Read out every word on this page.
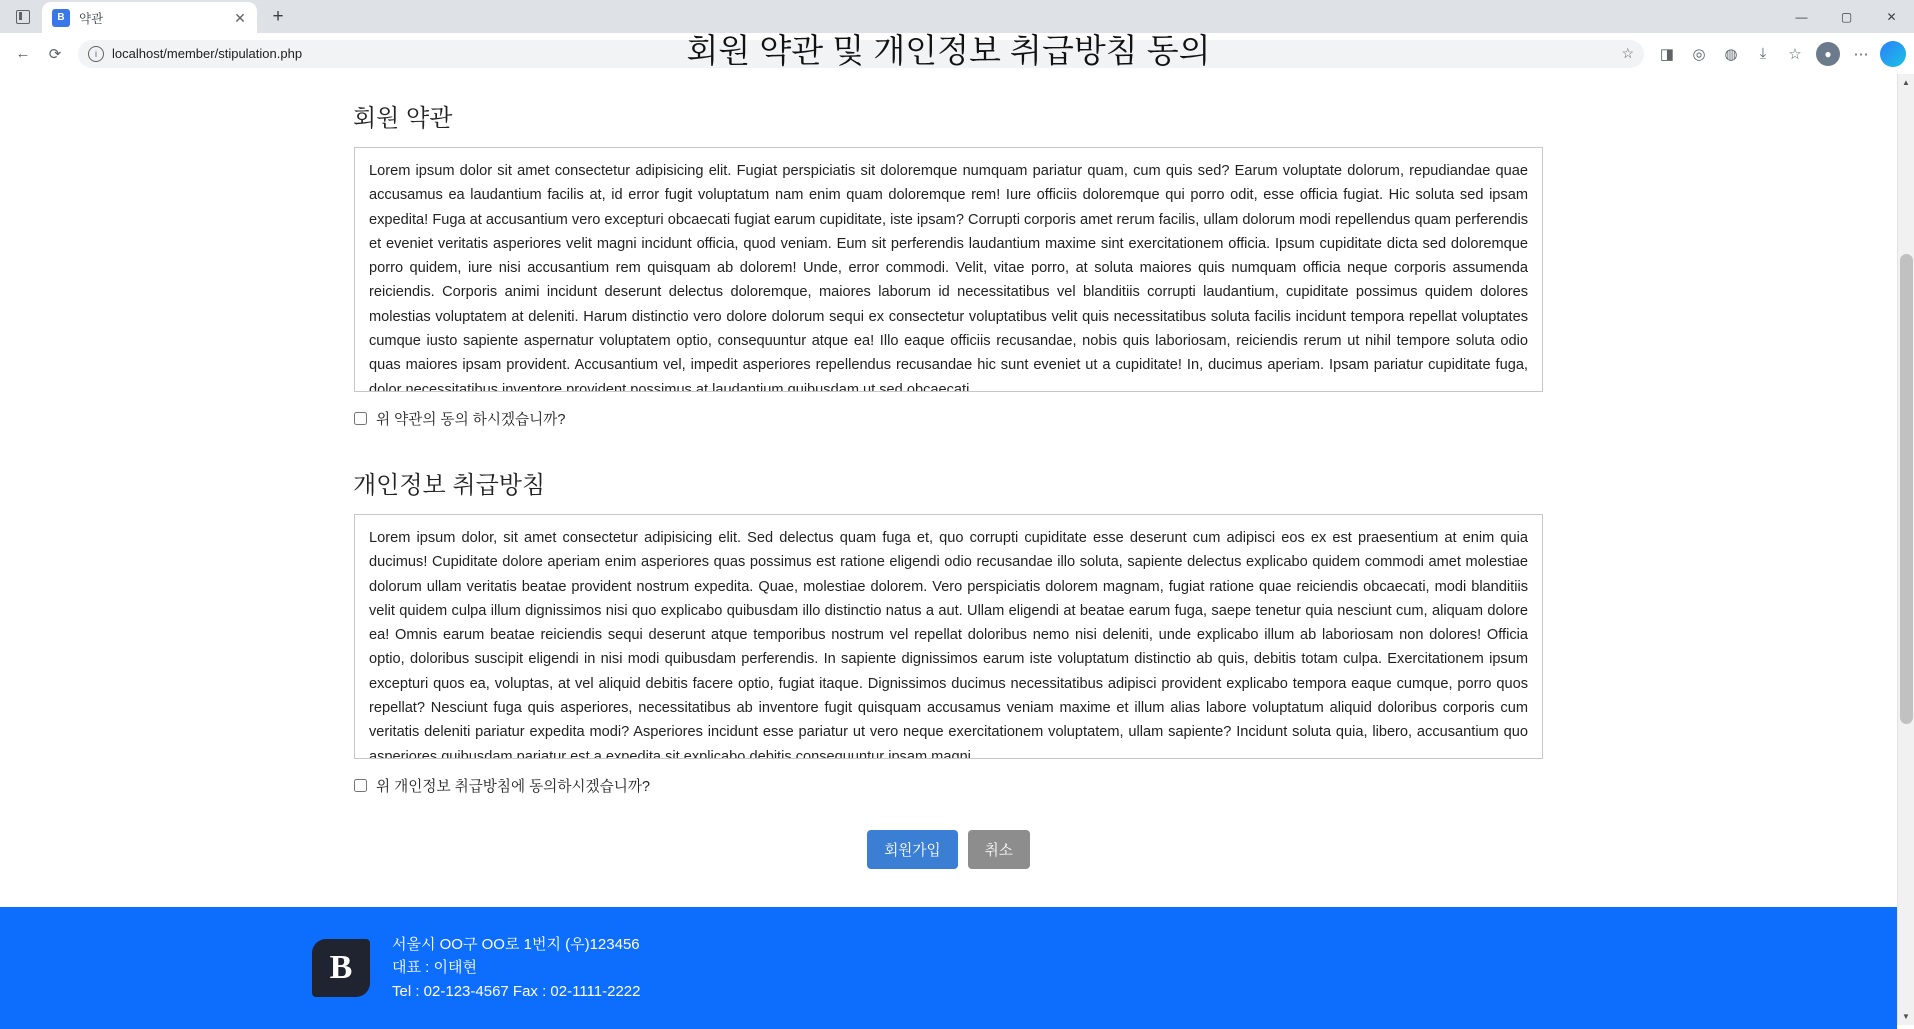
B	약관	✕	+	—	▢	✕
←	⟳	i	localhost/member/stipulation.php	☆	◨	◎	◍	⤓	☆	●	⋯
회원 약관 및 개인정보 취급방침 동의
회원 약관
Lorem ipsum dolor sit amet consectetur adipisicing elit. Fugiat perspiciatis sit doloremque numquam pariatur quam, cum quis sed? Earum voluptate dolorum, repudiandae quae accusamus ea laudantium facilis at, id error fugit voluptatum nam enim quam doloremque rem! Iure officiis doloremque qui porro odit, esse officia fugiat. Hic soluta sed ipsam expedita! Fuga at accusantium vero excepturi obcaecati fugiat earum cupiditate, iste ipsam? Corrupti corporis amet rerum facilis, ullam dolorum modi repellendus quam perferendis et eveniet veritatis asperiores velit magni incidunt officia, quod veniam. Eum sit perferendis laudantium maxime sint exercitationem officia. Ipsum cupiditate dicta sed doloremque porro quidem, iure nisi accusantium rem quisquam ab dolorem! Unde, error commodi. Velit, vitae porro, at soluta maiores quis numquam officia neque corporis assumenda reiciendis. Corporis animi incidunt deserunt delectus doloremque, maiores laborum id necessitatibus vel blanditiis corrupti laudantium, cupiditate possimus quidem dolores molestias voluptatem at deleniti. Harum distinctio vero dolore dolorum sequi ex consectetur voluptatibus velit quis necessitatibus soluta facilis incidunt tempora repellat voluptates cumque iusto sapiente aspernatur voluptatem optio, consequuntur atque ea! Illo eaque officiis recusandae, nobis quis laboriosam, reiciendis rerum ut nihil tempore soluta odio quas maiores ipsam provident. Accusantium vel, impedit asperiores repellendus recusandae hic sunt eveniet ut a cupiditate! In, ducimus aperiam. Ipsam pariatur cupiditate fuga, dolor necessitatibus inventore provident possimus at laudantium quibusdam ut sed obcaecati
위 약관의 동의 하시겠습니까?
개인정보 취급방침
Lorem ipsum dolor, sit amet consectetur adipisicing elit. Sed delectus quam fuga et, quo corrupti cupiditate esse deserunt cum adipisci eos ex est praesentium at enim quia ducimus! Cupiditate dolore aperiam enim asperiores quas possimus est ratione eligendi odio recusandae illo soluta, sapiente delectus explicabo quidem commodi amet molestiae dolorum ullam veritatis beatae provident nostrum expedita. Quae, molestiae dolorem. Vero perspiciatis dolorem magnam, fugiat ratione quae reiciendis obcaecati, modi blanditiis velit quidem culpa illum dignissimos nisi quo explicabo quibusdam illo distinctio natus a aut. Ullam eligendi at beatae earum fuga, saepe tenetur quia nesciunt cum, aliquam dolore ea! Omnis earum beatae reiciendis sequi deserunt atque temporibus nostrum vel repellat doloribus nemo nisi deleniti, unde explicabo illum ab laboriosam non dolores! Officia optio, doloribus suscipit eligendi in nisi modi quibusdam perferendis. In sapiente dignissimos earum iste voluptatum distinctio ab quis, debitis totam culpa. Exercitationem ipsum excepturi quos ea, voluptas, at vel aliquid debitis facere optio, fugiat itaque. Dignissimos ducimus necessitatibus adipisci provident explicabo tempora eaque cumque, porro quos repellat? Nesciunt fuga quis asperiores, necessitatibus ab inventore fugit quisquam accusamus veniam maxime et illum alias labore voluptatum aliquid doloribus corporis cum veritatis deleniti pariatur expedita modi? Asperiores incidunt esse pariatur ut vero neque exercitationem voluptatem, ullam sapiente? Incidunt soluta quia, libero, accusantium quo asperiores quibusdam pariatur est a expedita sit explicabo debitis consequuntur ipsam magni
위 개인정보 취급방침에 동의하시겠습니까?
회원가입	취소
B
서울시 OO구 OO로 1번지 (우)123456
대표 : 이태현
Tel : 02-123-4567 Fax : 02-1111-2222
▲
▼
